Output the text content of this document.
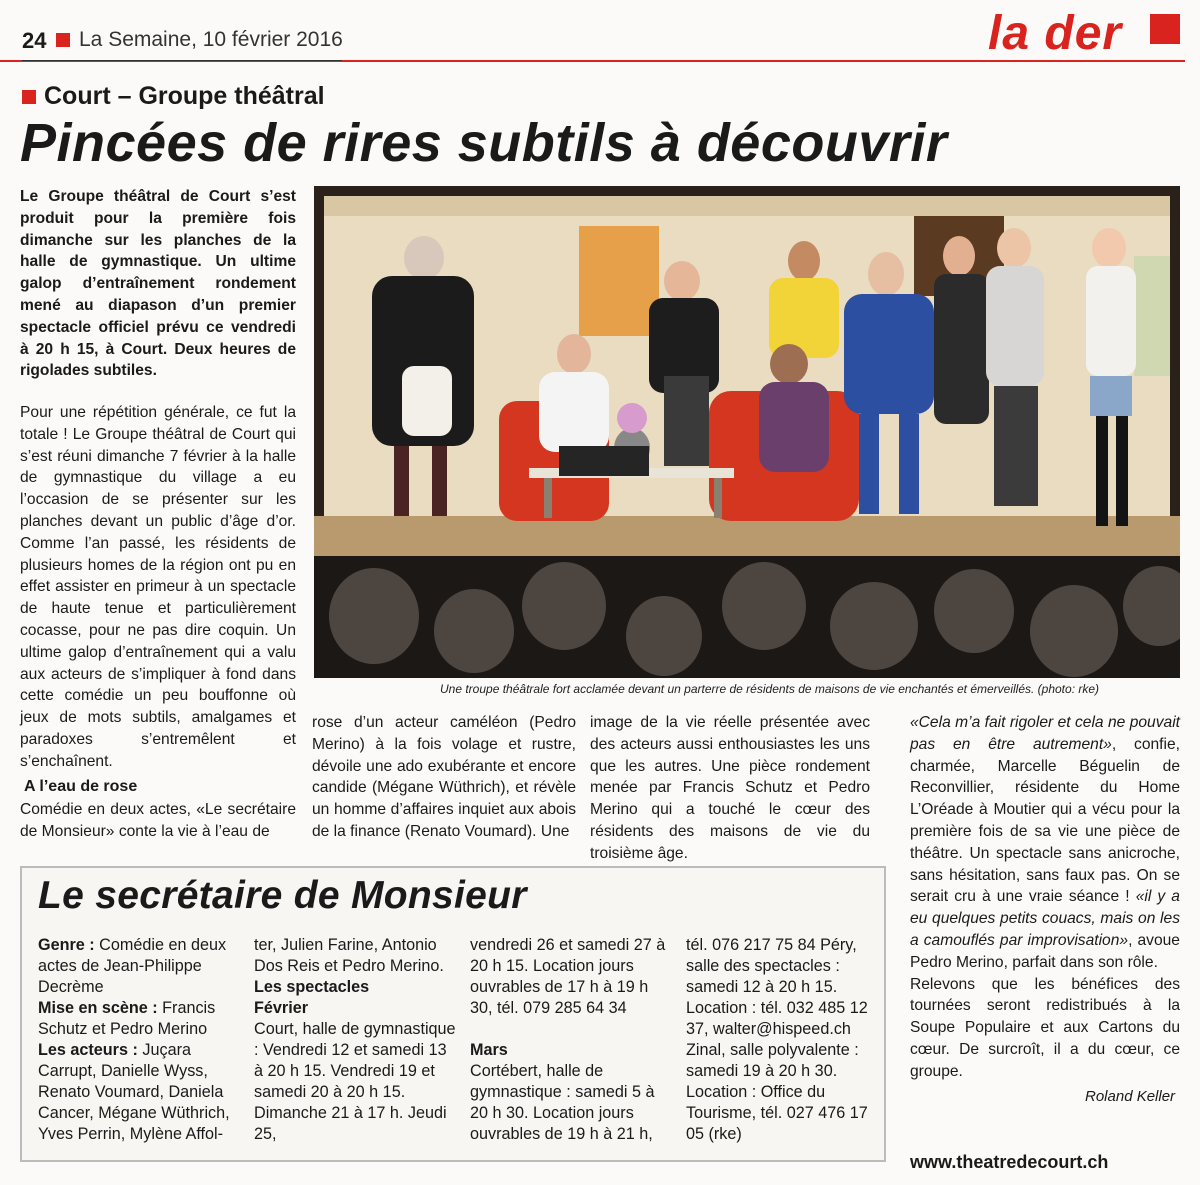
24 La Semaine, 10 février 2016	la der
Court – Groupe théâtral
Pincées de rires subtils à découvrir

Le Groupe théâtral de Court s’est produit pour la première fois dimanche sur les planches de la halle de gymnastique. Un ultime galop d’entraînement rondement mené au diapason d’un premier spectacle officiel prévu ce vendredi à 20 h 15, à Court. Deux heures de rigolades subtiles.

Pour une répétition générale, ce fut la totale ! Le Groupe théâtral de Court qui s’est réuni dimanche 7 février à la halle de gymnastique du village a eu l’occasion de se présenter sur les planches devant un public d’âge d’or. Comme l’an passé, les résidents de plusieurs homes de la région ont pu en effet assister en primeur à un spectacle de haute tenue et particulièrement cocasse, pour ne pas dire coquin. Un ultime galop d’entraînement qui a valu aux acteurs de s’impliquer à fond dans cette comédie un peu bouffonne où jeux de mots subtils, amalgames et paradoxes s’entremêlent et s’enchaînent.

A l’eau de rose

Comédie en deux actes, «Le secrétaire de Monsieur» conte la vie à l’eau de

Une troupe théâtrale fort acclamée devant un parterre de résidents de maisons de vie enchantés et émerveillés. (photo: rke)

rose d’un acteur caméléon (Pedro Merino) à la fois volage et rustre, dévoile une ado exubérante et encore candide (Mégane Wüthrich), et révèle un homme d’affaires inquiet aux abois de la finance (Renato Voumard). Une

image de la vie réelle présentée avec des acteurs aussi enthousiastes les uns que les autres. Une pièce rondement menée par Francis Schutz et Pedro Merino qui a touché le cœur des résidents des maisons de vie du troisième âge.

«Cela m’a fait rigoler et cela ne pouvait pas en être autrement», confie, charmée, Marcelle Béguelin de Reconvillier, résidente du Home L’Oréade à Moutier qui a vécu pour la première fois de sa vie une pièce de théâtre. Un spectacle sans anicroche, sans hésitation, sans faux pas. On se serait cru à une vraie séance ! «il y a eu quelques petits couacs, mais on les a camouflés par improvisation», avoue Pedro Merino, parfait dans son rôle.

Relevons que les bénéfices des tournées seront redistribués à la Soupe Populaire et aux Cartons du cœur. De surcroît, il a du cœur, ce groupe.

Roland Keller
Le secrétaire de Monsieur
Genre : Comédie en deux actes de Jean-Philippe Decrème
Mise en scène : Francis Schutz et Pedro Merino
Les acteurs : Juçara Carrupt, Danielle Wyss, Renato Voumard, Daniela Cancer, Mégane Wüthrich, Yves Perrin, Mylène Affol-
ter, Julien Farine, Antonio Dos Reis et Pedro Merino.
Les spectacles
Février
Court, halle de gymnastique : Vendredi 12 et samedi 13 à 20 h 15. Vendredi 19 et samedi 20 à 20 h 15. Dimanche 21 à 17 h. Jeudi 25,
vendredi 26 et samedi 27 à 20 h 15. Location jours ouvrables de 17 h à 19 h 30, tél. 079 285 64 34
Mars
Cortébert, halle de gymnastique : samedi 5 à 20 h 30. Location jours ouvrables de 19 h à 21 h,
tél. 076 217 75 84 Péry, salle des spectacles : samedi 12 à 20 h 15. Location : tél. 032 485 12 37, walter@hispeed.ch Zinal, salle polyvalente : samedi 19 à 20 h 30. Location : Office du Tourisme, tél. 027 476 17 05 (rke)
www.theatredecourt.ch
